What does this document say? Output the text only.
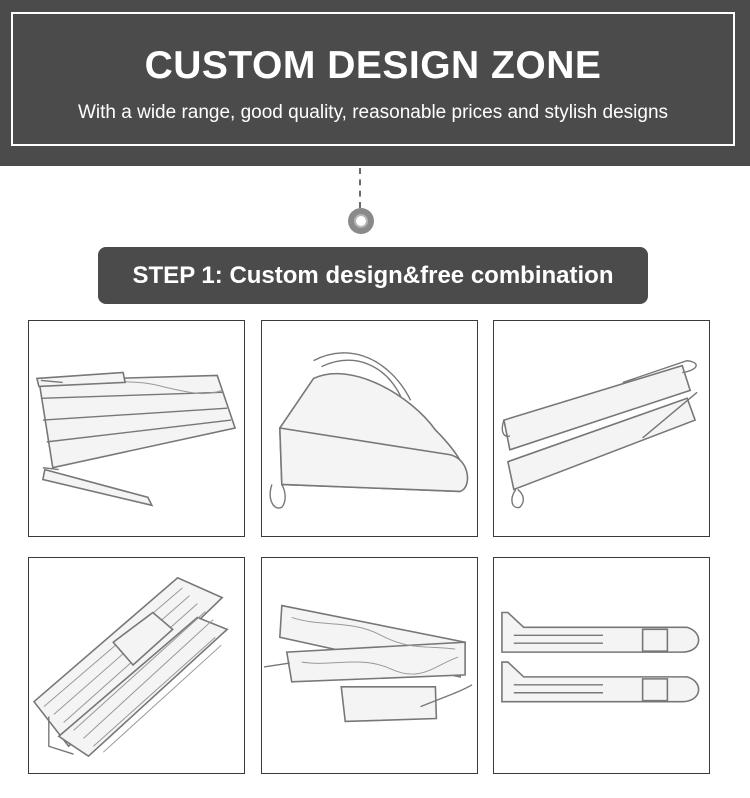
CUSTOM DESIGN ZONE
With a wide range, good quality, reasonable prices and stylish designs
STEP 1: Custom design&free combination
